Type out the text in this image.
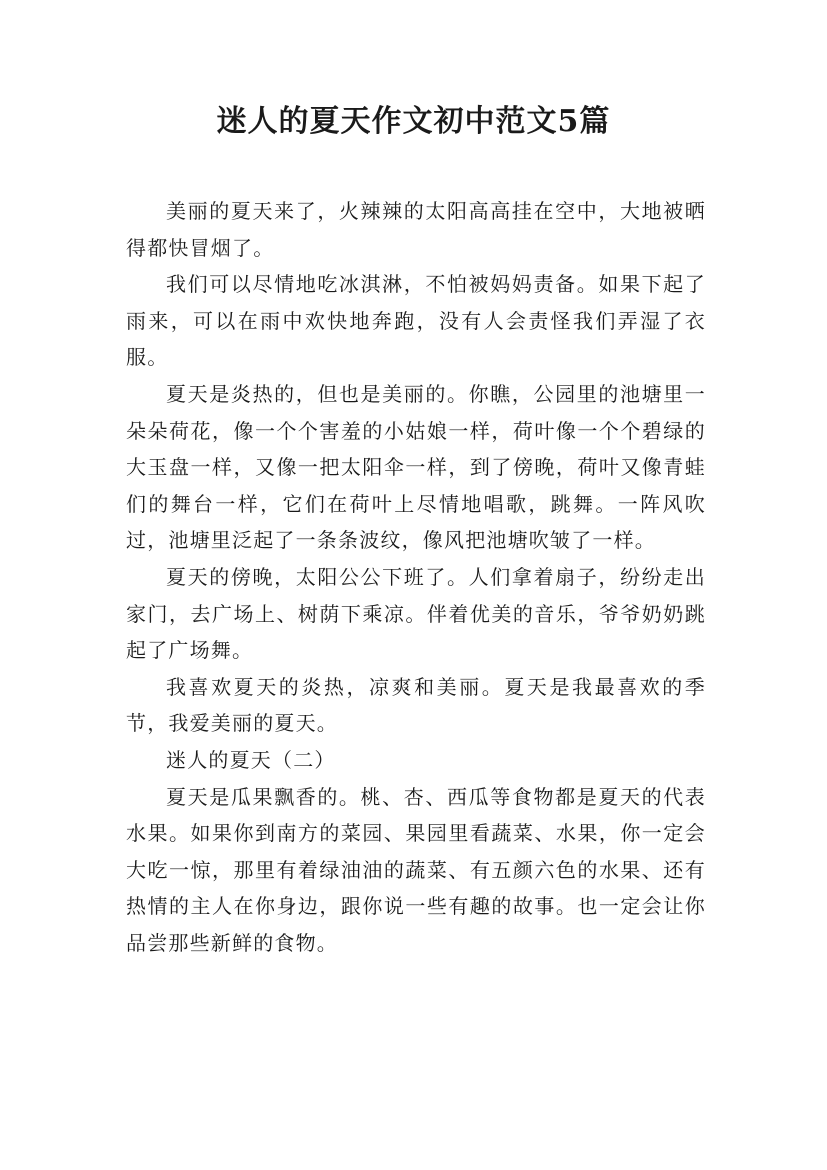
迷人的夏天作文初中范文5篇

美丽的夏天来了，火辣辣的太阳高高挂在空中，大地被晒得都快冒烟了。

我们可以尽情地吃冰淇淋，不怕被妈妈责备。如果下起了雨来，可以在雨中欢快地奔跑，没有人会责怪我们弄湿了衣服。

夏天是炎热的，但也是美丽的。你瞧，公园里的池塘里一朵朵荷花，像一个个害羞的小姑娘一样，荷叶像一个个碧绿的大玉盘一样，又像一把太阳伞一样，到了傍晚，荷叶又像青蛙们的舞台一样，它们在荷叶上尽情地唱歌，跳舞。一阵风吹过，池塘里泛起了一条条波纹，像风把池塘吹皱了一样。

夏天的傍晚，太阳公公下班了。人们拿着扇子，纷纷走出家门，去广场上、树荫下乘凉。伴着优美的音乐，爷爷奶奶跳起了广场舞。

我喜欢夏天的炎热，凉爽和美丽。夏天是我最喜欢的季节，我爱美丽的夏天。

迷人的夏天（二）

夏天是瓜果飘香的。桃、杏、西瓜等食物都是夏天的代表水果。如果你到南方的菜园、果园里看蔬菜、水果，你一定会大吃一惊，那里有着绿油油的蔬菜、有五颜六色的水果、还有热情的主人在你身边，跟你说一些有趣的故事。也一定会让你品尝那些新鲜的食物。
